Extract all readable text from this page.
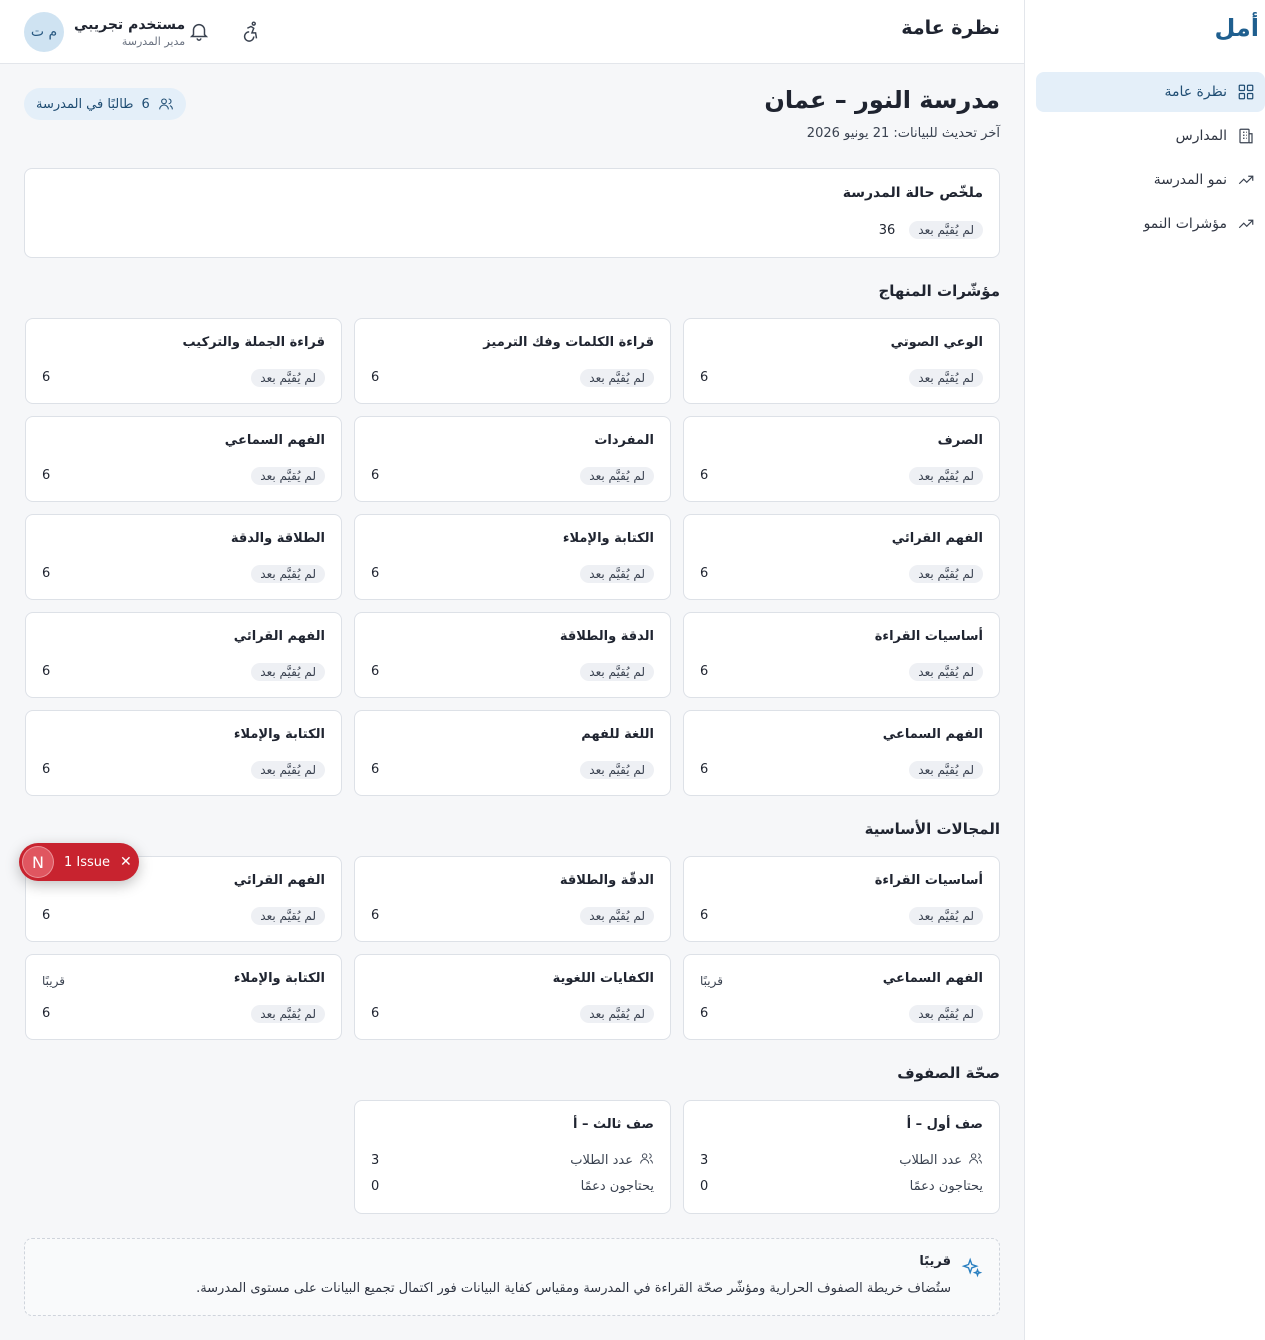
أمل
نظرة عامة
المدارس
نمو المدرسة
مؤشرات النمو
نظرة عامة
م ت	مستخدم تجريبي
مدير المدرسة
مدرسة النور – عمان
آخر تحديث للبيانات: 21 يونيو 2026
6
طالبًا في المدرسة
ملخّص حالة المدرسة
لم يُقيَّم بعد
36
مؤشّرات المنهاج
الوعي الصوتي
لم يُقيَّم بعد
6
قراءة الكلمات وفك الترميز
لم يُقيَّم بعد
6
قراءة الجملة والتركيب
لم يُقيَّم بعد
6
الصرف
لم يُقيَّم بعد
6
المفردات
لم يُقيَّم بعد
6
الفهم السماعي
لم يُقيَّم بعد
6
الفهم القرائي
لم يُقيَّم بعد
6
الكتابة والإملاء
لم يُقيَّم بعد
6
الطلاقة والدقة
لم يُقيَّم بعد
6
أساسيات القراءة
لم يُقيَّم بعد
6
الدقة والطلاقة
لم يُقيَّم بعد
6
الفهم القرائي
لم يُقيَّم بعد
6
الفهم السماعي
لم يُقيَّم بعد
6
اللغة للفهم
لم يُقيَّم بعد
6
الكتابة والإملاء
لم يُقيَّم بعد
6
المجالات الأساسية
أساسيات القراءة
لم يُقيَّم بعد
6
الدقّة والطلاقة
لم يُقيَّم بعد
6
الفهم القرائي
لم يُقيَّم بعد
6
الفهم السماعي
لم يُقيَّم بعد
6
قريبًا
الكفايات اللغوية
لم يُقيَّم بعد
6
الكتابة والإملاء
لم يُقيَّم بعد
6
قريبًا
صحّة الصفوف
صف أول – أ
عدد الطلاب
3
يحتاجون دعمًا
0
صف ثالث – أ
عدد الطلاب
3
يحتاجون دعمًا
0
قريبًا
ستُضاف خريطة الصفوف الحرارية ومؤشّر صحّة القراءة في المدرسة ومقياس كفاية البيانات فور اكتمال تجميع البيانات على مستوى المدرسة.
N	1 Issue ✕
